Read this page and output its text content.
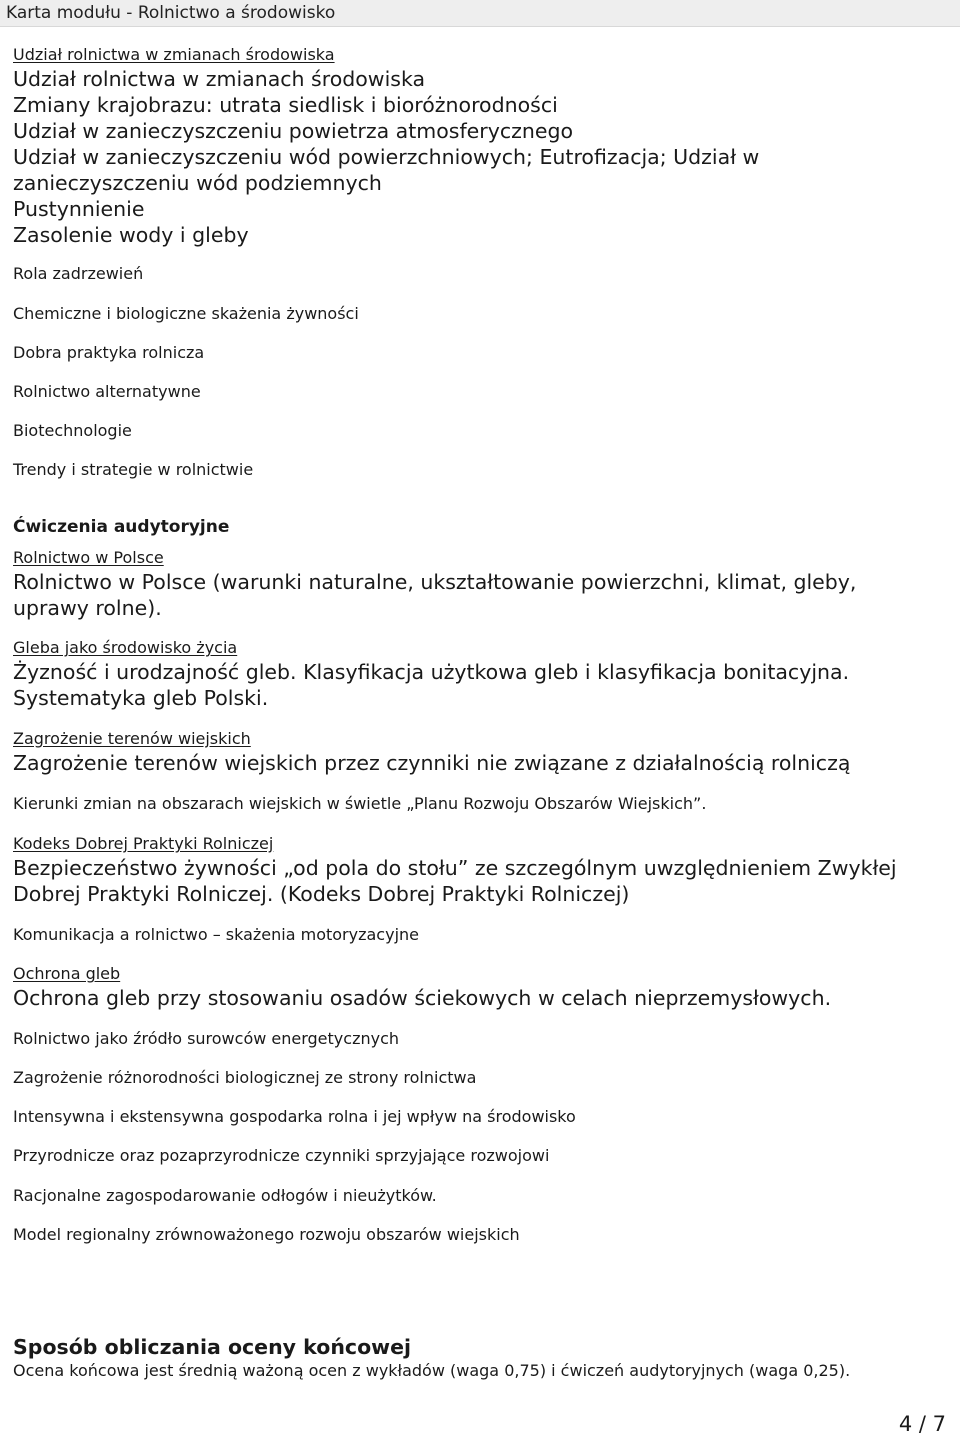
Karta modułu - Rolnictwo a środowisko
Udział rolnictwa w zmianach środowiska
Udział rolnictwa w zmianach środowiska
Zmiany krajobrazu: utrata siedlisk i bioróżnorodności
Udział w zanieczyszczeniu powietrza atmosferycznego
Udział w zanieczyszczeniu wód powierzchniowych; Eutrofizacja; Udział w
zanieczyszczeniu wód podziemnych
Pustynnienie
Zasolenie wody i gleby
Rola zadrzewień
Chemiczne i biologiczne skażenia żywności
Dobra praktyka rolnicza
Rolnictwo alternatywne
Biotechnologie
Trendy i strategie w rolnictwie
Ćwiczenia audytoryjne
Rolnictwo w Polsce
Rolnictwo w Polsce (warunki naturalne, ukształtowanie powierzchni, klimat, gleby,
uprawy rolne).
Gleba jako środowisko życia
Żyzność i urodzajność gleb. Klasyfikacja użytkowa gleb i klasyfikacja bonitacyjna.
Systematyka gleb Polski.
Zagrożenie terenów wiejskich
Zagrożenie terenów wiejskich przez czynniki nie związane z działalnością rolniczą
Kierunki zmian na obszarach wiejskich w świetle „Planu Rozwoju Obszarów Wiejskich”.
Kodeks Dobrej Praktyki Rolniczej
Bezpieczeństwo żywności „od pola do stołu” ze szczególnym uwzględnieniem Zwykłej
Dobrej Praktyki Rolniczej. (Kodeks Dobrej Praktyki Rolniczej)
Komunikacja a rolnictwo – skażenia motoryzacyjne
Ochrona gleb
Ochrona gleb przy stosowaniu osadów ściekowych w celach nieprzemysłowych.
Rolnictwo jako źródło surowców energetycznych
Zagrożenie różnorodności biologicznej ze strony rolnictwa
Intensywna i ekstensywna gospodarka rolna i jej wpływ na środowisko
Przyrodnicze oraz pozaprzyrodnicze czynniki sprzyjające rozwojowi
Racjonalne zagospodarowanie odłogów i nieużytków.
Model regionalny zrównoważonego rozwoju obszarów wiejskich
Sposób obliczania oceny końcowej
Ocena końcowa jest średnią ważoną ocen z wykładów (waga 0,75) i ćwiczeń audytoryjnych (waga 0,25).
4 / 7
